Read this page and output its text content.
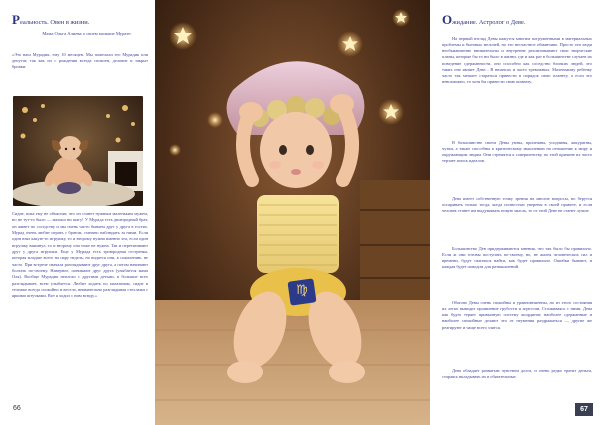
Реальность. Овен в жизни.
Мама Ольга Алиева о своем малыше Мурате:
«Это наш Мурадик, ему 10 месяцев. Мы пожелали его Мурадик или депутат, так как он с рождения всегда спокоен, деловит и закрыт бровки.
Сидит, пока ему не объяснят, что он станет нужным маленьким мужем, но не тут-то было — малыш ни шагу! У Мурада есть двоюродный брат, он живет по соседству и мы очень часто бываем друг у друга в гостях. Мурад очень любит играть с братом, смешно наблюдать за ними. Если один взял какую-то игрушку, то и второму нужна именно эта, если один игрушку выкинул, то и второму она тоже не нужна. Так и перетягивают друг у друга игрушки. Еще у Мурада есть троюродная сестренка, которая младше всего на пару недель, но видятся они, к сожалению, не часто. При встрече сначала разглядывают друг друга, а потом начинают болтать по-своему. Наверное, понимают друг друга (улыбается мама Оля). Вообще Мурадик неплохо с другими детьми, в большие всех разглядывает, всем улыбается. Любит ходить по магазинам, сидит в тележке всегда спокойно и весело, внимательно разглядывая стеллажи с яркими штучками. Вот я ходил с ним всюду.»
66
♍
Ожидание. Астролог о Деве.
На первый взгляд Девы кажутся многим погруженными в материальных проблемы и бытовых мелочей, но это несчастное обманчиво. Просто эти люди необыкновенно внимательны и внутренне реализовывают свои творческие планы, которые бы то ни было в жизни, где и как раз в большинстве случаев их поведение сдержанности, оно способно как соседство близких людей, это таких оно являет Деве... В нюансах и часто тревожных. Маленькому ребенку часто так мешает стараться привести в порядок свою планету, а если это невозможно, то хотя бы привести свою комнату.
В большинстве своем Девы умны, прилежны, усидчивы, аккуратны, чутки, а также способны к критическому мышлению на отношение к миру и окружающим людям. Они стремятся к совершенству, по этой причине их часто терзает поиск идеалов.
Дева имеет собственную точку зрения на многие вопросы, но берутся оспаривать только тогда, когда полностью уверены в своей правоте, и если человек станет им выдумывать новую мысль, то от этой Деве не станет лучше.
Большинство Дев придерживаются мнения, что так было бы правильно. Если ж они готовы поступать по-своему, но, не жалея человеческих сил и времени, будут пытаться найти, как будет правильно. Ошибки бывают, и каждая будет поводом для размышлений.
Обычно Девы очень спокойны и уравновешенны, но из этого состояния их легко выводит проявление грубости и агрессии. Сталкиваясь с ними, Дева как будто теряет привычную систему координат, наиболее сдержанные и наиболее спокойные делают это от неумения раздражаться — другие же реагируют и чаще всего злятся.
Дева обладает развитым чувством долга, и очень редко тратит деньги, стараясь вкладывать их в обязательные.
67
